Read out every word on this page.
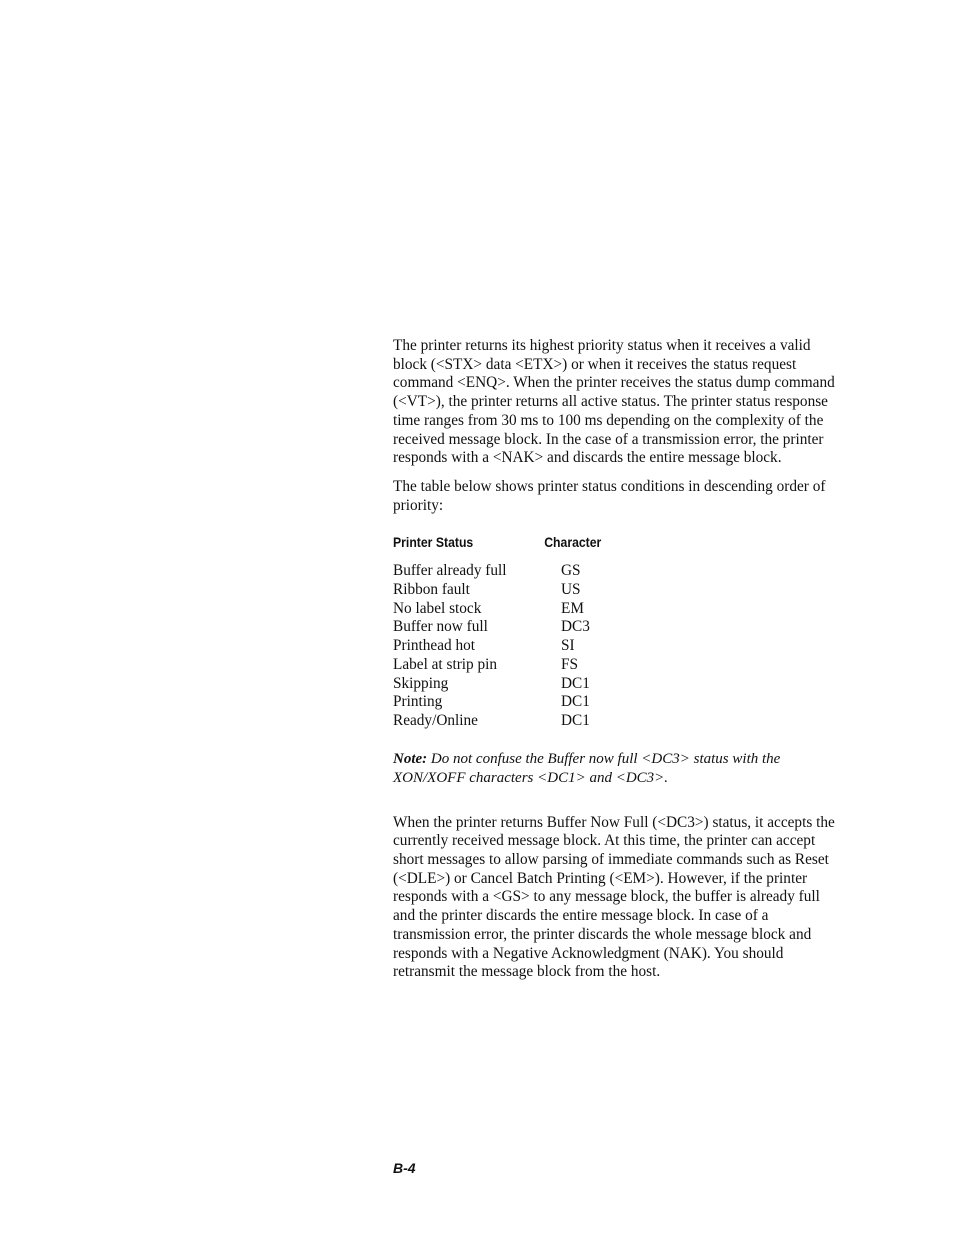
The printer returns its highest priority status when it receives a valid block (<STX> data <ETX>) or when it receives the status request command <ENQ>. When the printer receives the status dump command (<VT>), the printer returns all active status. The printer status response time ranges from 30 ms to 100 ms depending on the complexity of the received message block. In the case of a transmission error, the printer responds with a <NAK> and discards the entire message block.

The table below shows printer status conditions in descending order of priority:

Printer Status	Character
Buffer already full	GS
Ribbon fault	US
No label stock	EM
Buffer now full	DC3
Printhead hot	SI
Label at strip pin	FS
Skipping	DC1
Printing	DC1
Ready/Online	DC1

Note: Do not confuse the Buffer now full <DC3> status with the XON/XOFF characters <DC1> and <DC3>.

When the printer returns Buffer Now Full (<DC3>) status, it accepts the currently received message block. At this time, the printer can accept short messages to allow parsing of immediate commands such as Reset (<DLE>) or Cancel Batch Printing (<EM>). However, if the printer responds with a <GS> to any message block, the buffer is already full and the printer discards the entire message block. In case of a transmission error, the printer discards the whole message block and responds with a Negative Acknowledgment (NAK). You should retransmit the message block from the host.

B-4
